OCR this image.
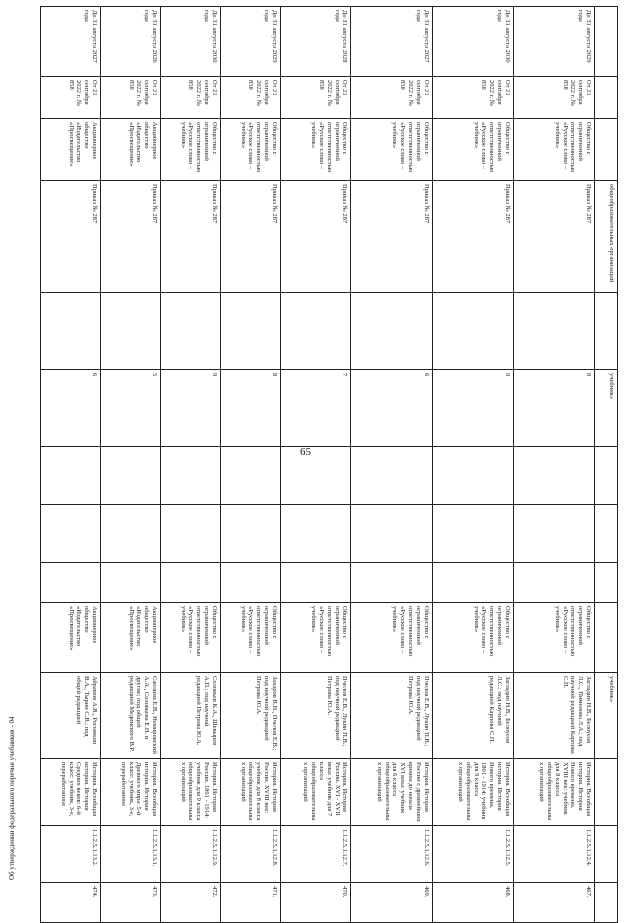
65
			общеобразовательных организаций		учебник»					учебник»			
До 31 августа 2029 года	От 21 сентября 2022 г. № 858	Общество с ограниченной ответственностью «Русское слово – учебник»	Приказ № 287		8				Общество с ограниченной ответственностью «Русское слово – учебник»	Загладин Н.В., Белоусов Л.С., Пименова Л.А.; под научной редакцией Карпова С.П.	История. Всеобщая история. История Нового времени. XVIII век: учебник для 8 класса общеобразовательных организаций	1.1.2.5.1.12.4.	467.
До 31 августа 2030 года	От 21 сентября 2022 г. № 858	Общество с ограниченной ответственностью «Русское слово – учебник»	Приказ № 287		9				Общество с ограниченной ответственностью «Русское слово – учебник»	Загладин Н.В., Белоусов Л.С.; под научной редакцией Карпова С.П.	История. Всеобщая история. История Нового времени. 1801 - 1914: учебник для 9 класса общеобразовательных организаций	1.1.2.5.1.12.5.	468.
До 31 августа 2027 года	От 21 сентября 2022 г. № 858	Общество с ограниченной ответственностью «Русское слово – учебник»	Приказ № 287		6				Общество с ограниченной ответственностью «Русское слово – учебник»	Пчелов Е.В., Лукин П.В.; под научной редакцией Петрова Ю.А.	История. История России с древнейших времен до начала XVI века: учебник для 6 класса общеобразовательных организаций	1.1.2.5.1.12.6.	469.
До 31 августа 2028 года	От 21 сентября 2022 г. № 858	Общество с ограниченной ответственностью «Русское слово – учебник»	Приказ № 287		7				Общество с ограниченной ответственностью «Русское слово – учебник»	Пчелов Е.В., Лукин П.В.; под научной редакцией Петрова Ю.А.	История. История России. XVI - XVII века: учебник для 7 класса общеобразовательных организаций	1.1.2.5.1.12.7.	470.
До 31 августа 2029 года	От 21 сентября 2022 г. № 858	Общество с ограниченной ответственностью «Русское слово – учебник»	Приказ № 287		8				Общество с ограниченной ответственностью «Русское слово – учебник»	Захаров В.Н., Пчелов Е.В.; под научной редакцией Петрова Ю.А.	История. История России. XVIII век: учебник для 8 класса общеобразовательных организаций	1.1.2.5.1.12.8.	471.
До 31 августа 2030 года	От 21 сентября 2022 г. № 858	Общество с ограниченной ответственностью «Русское слово – учебник»	Приказ № 287		9				Общество с ограниченной ответственностью «Русское слово – учебник»	Соловьев К.А., Шевырев А.П.; под научной редакцией Петрова Ю.А.	История. История России. 1801 - 1914: учебник для 9 класса общеобразовательных организаций	1.1.2.5.1.12.9.	472.
До 31 августа 2026 года	От 21 сентября 2022 г. № 858	Акционерное общество «Издательство «Просвещение»	Приказ № 287		5				Акционерное общество «Издательство «Просвещение»	Саплина Е.В., Немировский А.А., Соловьева Е.Н. и другие; под общей редакцией Мединского В.Р.	История. Всеобщая история. История Древнего мира: 5-й класс: учебник, 3-е, переработанное	1.1.2.5.1.13.1.	473.
До 31 августа 2027 года	От 21 сентября 2022 г. № 858	Акционерное общество «Издательство «Просвещение»	Приказ № 287		6				Акционерное общество «Издательство «Просвещение»	Абрамов А.В., Рогожкин В.А., Тырин С.В.; под общей редакцией	История. Всеобщая история. История Средних веков: 6-й класс: учебник, 3-е, переработанное	1.1.2.5.1.13.2.	474.
Об утверждении федерального перечня учебников - 04
